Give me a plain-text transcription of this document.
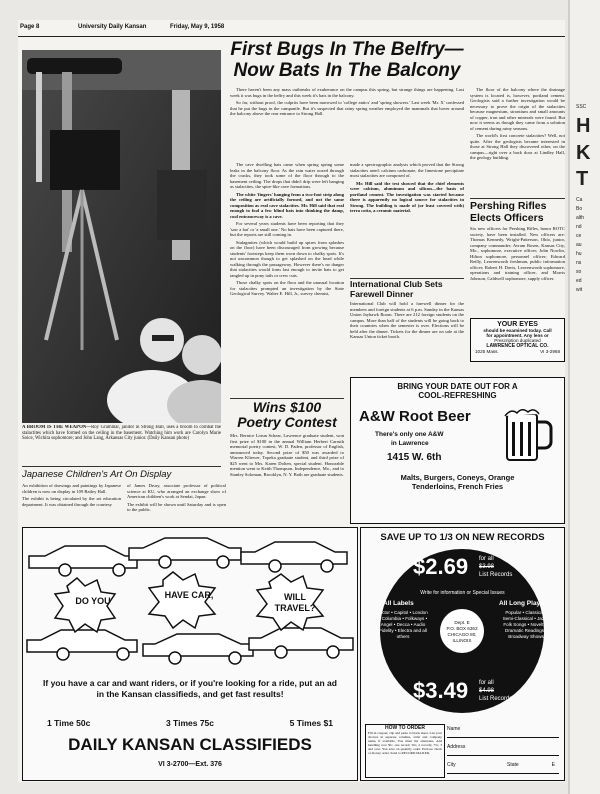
SSC
H
K
T
Ca
Bo
alth
nd
ce
au
hu
ns
so
ed
wit
Page 8	University Daily Kansan	Friday, May 9, 1958

A BROOM IS THE WEAPON—Roy Grammar, janitor in Strong Hall, uses a broom to combat the stalactites which have formed on the ceiling in the basement. Watching him work are Carolyn Marie Soice, Wichita sophomore; and John Lang, Arkansas City junior. (Daily Kansan photo)

Japanese Children's Art On Display

An exhibition of drawings and paintings by Japanese children is now on display in 109 Bailey Hall.

The exhibit is being circulated by the art education department. It was obtained through the courtesy

of James Drury, associate professor of political science at KU, who arranged an exchange show of American children's work at Sendai, Japan.

The exhibit will be shown until Saturday and is open to the public.

First Bugs In The Belfry—
Now Bats In The Balcony

There haven't been any mass outbreaks of exuberance on the campus this spring, but strange things are happening. Last week it was bugs in the belfry and this week it's bats in the balcony.

So far, without proof, the culprits have been narrowed to 'college antics' and 'spring showers.' Last week 'Mr. X' confessed that he put the bugs in the campanile. But it's suspected that rainy spring weather employed the mammals that hover around the balcony above the rear entrance to Strong Hall.

The cave dwelling bats came when spring spring some leaks in the balcony floor. As the rain water oozed through the cracks, they took some of the floor through to the basement ceiling. The drops that didn't drip were left hanging as stalactites, the spire-like cave formations.

The white 'fingers' hanging from a two-foot strip along the ceiling are artificially formed, and not the same composition as real cave stalactites. Mr. Hill said that real enough to fool a few blind bats into thinking the damp, cool entranceway is a cave.

For several years students have been reporting that they 'saw a bat' or 'a small one.' No bats have been captured there, but the reports are still coming in.

Stalagmites (which would build up spires from splashes on the floor) have been discouraged from growing because students' footsteps keep them worn down to chalky spots. It's not uncommon though to get splashed on the head while walking through the passageway. However there's no danger that stalactites would form fast enough to invite bats to get tangled up in pony tails or crew cuts.

Those chalky spots on the floor and the unusual location for stalactites prompted an investigation by the State Geological Survey. Walter E. Hill, Jr., survey chemist,

made a spectrographic analysis which proved that the Strong stalactites aren't calcium carbonate, the limestone precipitate most stalactites are composed of.

Mr. Hill said the test showed that the chief elements were calcium, aluminum and silicon—the basis of portland cement. The investigation was started because there is apparently no logical source for stalactites in Strong. The building is made of (or least covered with) terra cotta, a ceramic material.

The floor of the balcony where the drainage system is located is, however, portland cement. Geologists said a further investigation would be necessary to prove the origin of the stalactites because magnesium, strontium and small amounts of copper, iron and other minerals were found. But now it seems as though they came from a solution of cement during rainy seasons.

The world's first concrete stalactites? Well, not quite. After the geologists became interested in those at Strong Hall they discovered other, on the campus—right over a back door at Lindley Hall, the geology building.

International Club Sets Farewell Dinner

International Club will hold a farewell dinner for the members and foreign students at 6 p.m. Sunday in the Kansas Union Jayhawk Room. There are 212 foreign students on the campus. More than half of the students will be going back to their countries when the semester is over. Elections will be held after the dinner. Tickets for the dinner are on sale at the Kansas Union ticket booth.

Pershing Rifles Elects Officers

Six new officers for Pershing Rifles, honor ROTC society, have been installed. New officers are: Thomas Kennedy, Wright-Patterson, Ohio, junior, company commander; Avram Rosen, Kansas City, Mo., sophomore, executive officer; John Nowlin, Hilton sophomore, personnel officer; Edward Reilly, Leavenworth freshman, public information officer; Robert H. Davis, Leavenworth sophomore, operations and training officer, and Morris Johnson, Caldwell sophomore, supply officer.

YOUR EYES
should be examined today. Call
for appointment. Any lens or
Prescription duplicated
LAWRENCE OPTICAL CO.
1025 Mass.	VI 3-2968
Wins $100
Poetry Contest

Mrs. Bernice Lorun Schear, Lawrence graduate student, won first prize of $100 in the annual William Herbert Carruth memorial poetry contest, W. D. Paden, professor of English, announced today. Second prize of $50 was awarded to Warren Kliewer, Topeka graduate student, and third prize of $25 went to Mrs. Karen Dolten, special student. Honorable mention went to Keith Thompson, Independence, Mo., and to Stanley Soloman, Brooklyn, N. Y. Both are graduate students.

BRING YOUR DATE OUT FOR A
COOL-REFRESHING
A&W Root Beer
There's only one A&W
in Lawrence
1415 W. 6th
Malts, Burgers, Coneys, Orange
Tenderloins, French Fries
DO YOU
HAVE CAR,	WILL TRAVEL?
If you have a car and want riders, or if you're looking for a ride, put an ad in the Kansan classifieds, and get fast results!
1 Time 50c	3 Times 75c	5 Times $1
DAILY KANSAN CLASSIFIEDS
VI 3-2700—Ext. 376
SAVE UP TO 1/3 ON NEW RECORDS
$2.69 for all
$3.98
List Records
Write for information or Special Issues
All Labels
Victor • Capitol • London • Columbia • Folkways • Angel • Decca • Audio Fidelity • Electra and all others
RECORD MAILER
Dept. E
P.O. BOX 6363
CHICAGO 80,
ILLINOIS
All Long Plays
Popular • Classical • Semi-Classical • Jazz • Folk Songs • Novelty • Dramatic Readings • Broadway Shows
$3.49 for all
$4.98
List Records
HOW TO ORDER
Fill in coupon; clip and paste to black sheet. List your choices in separate columns, artist and company name, if available. You must list alternates. Add handling cost 30c, one record; 50c, 2 records; 75c, 3 and over. You save on quantity order. Enclose check or money order. Send to RECORD MAILER.
Name
Address
City	State	E
